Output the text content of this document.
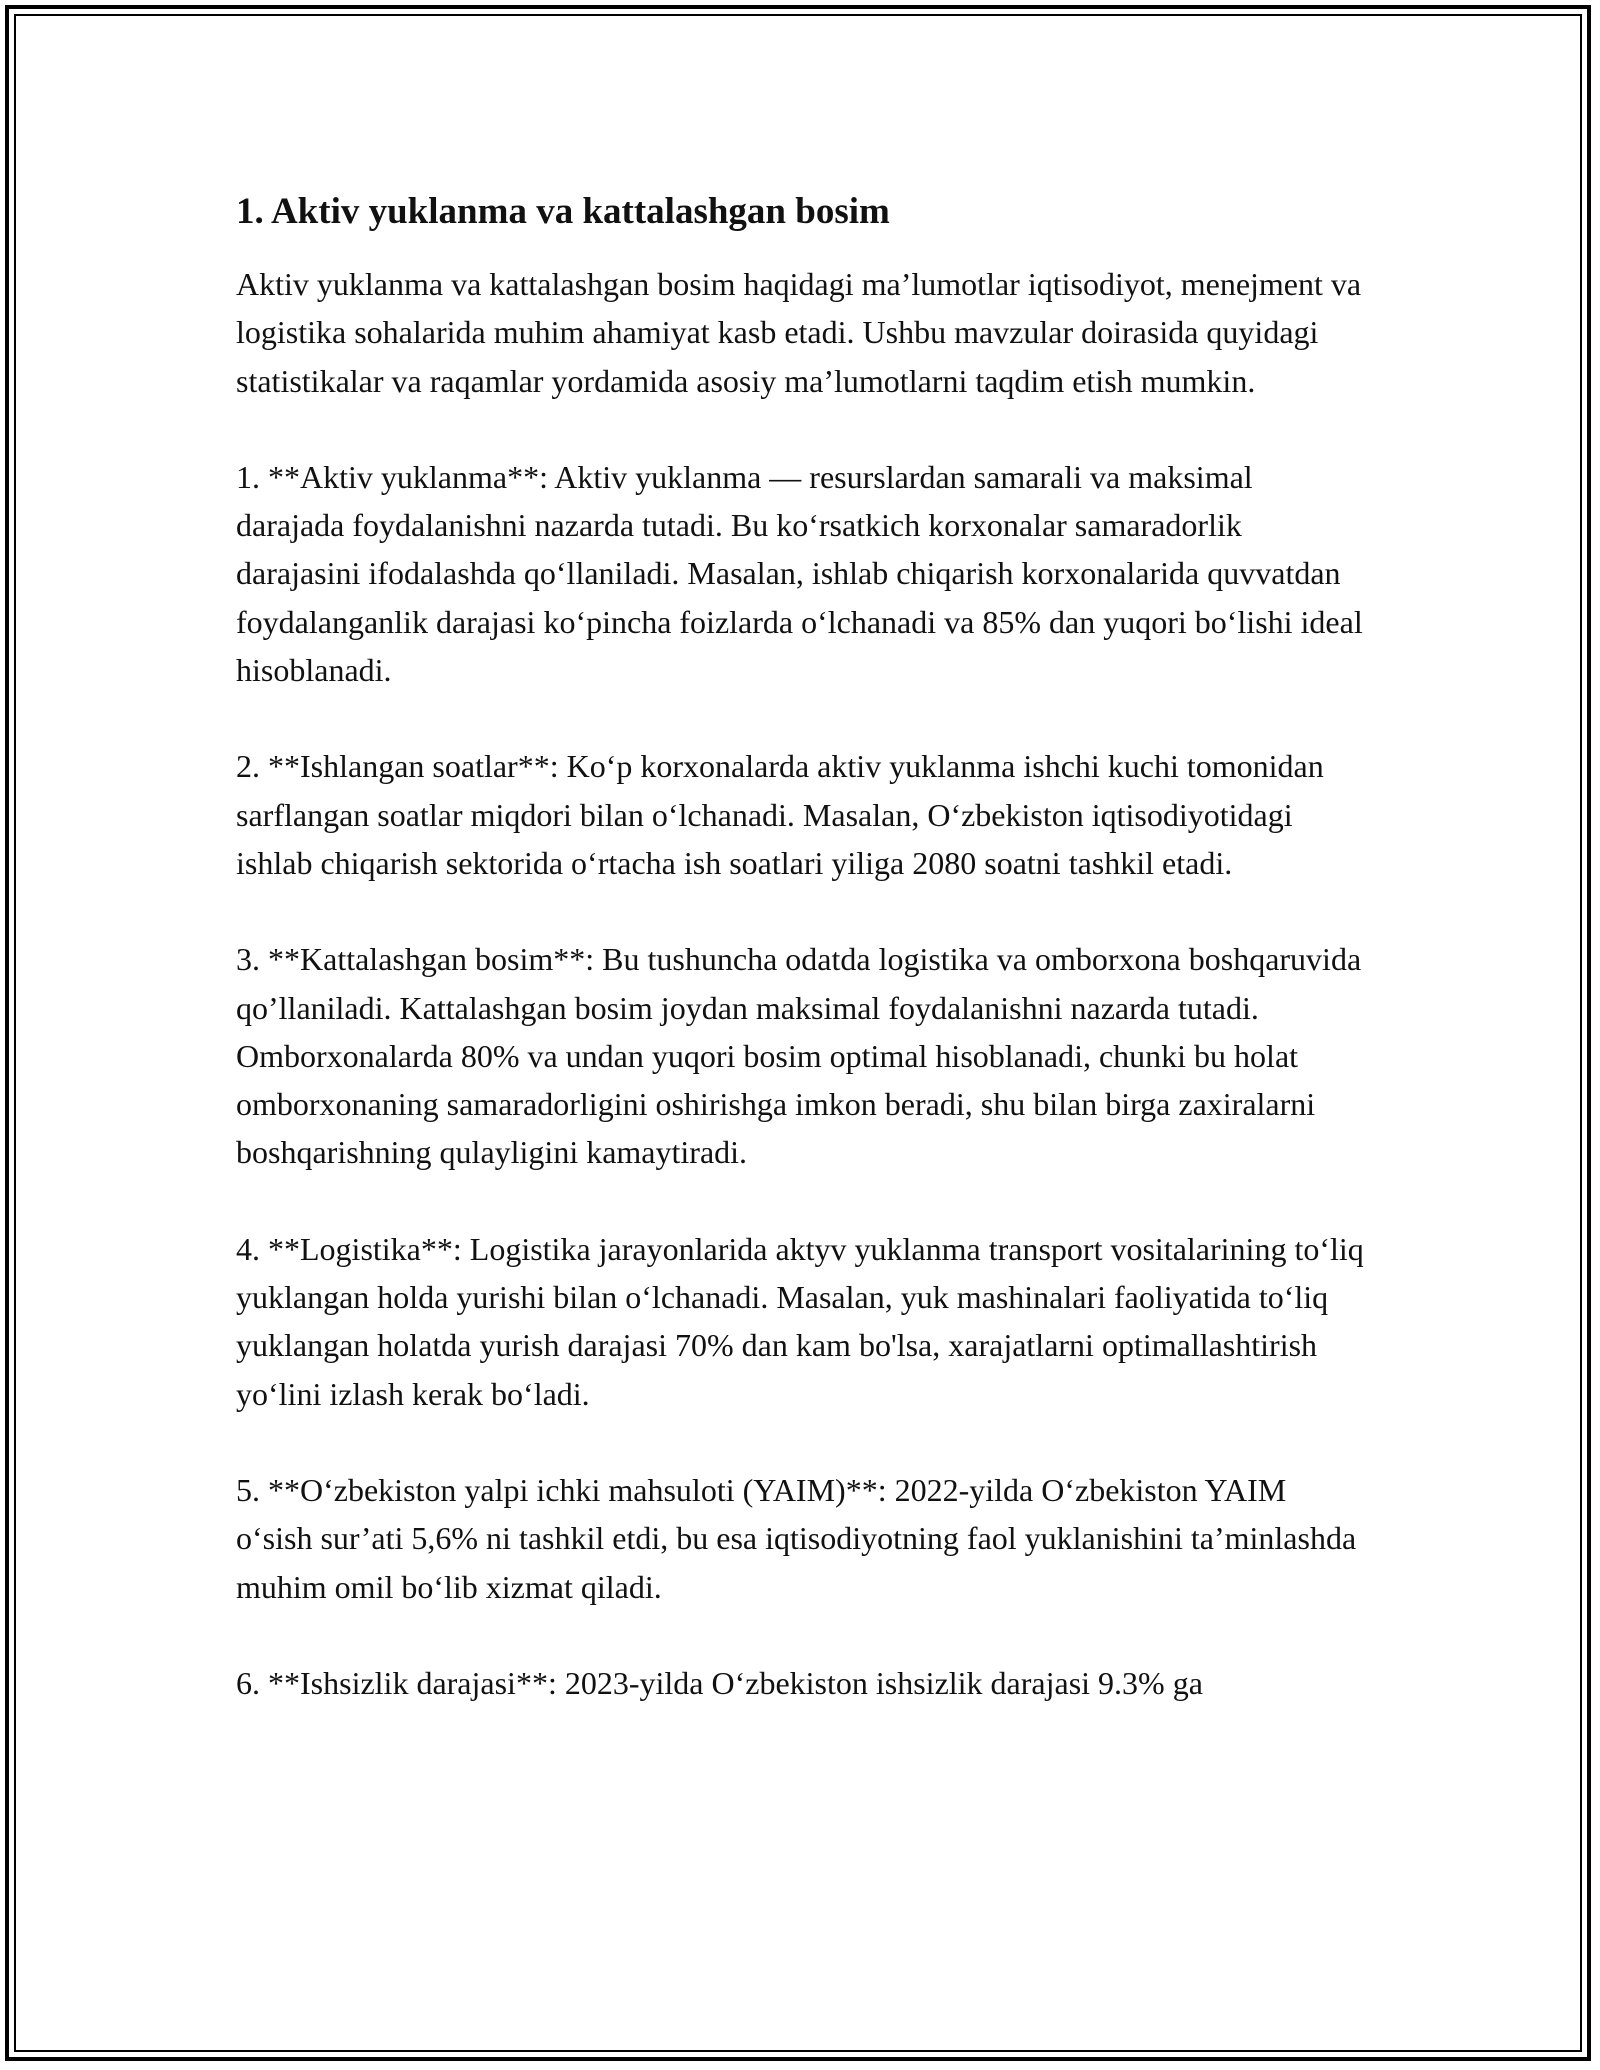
1. Aktiv yuklanma va kattalashgan bosim

Aktiv yuklanma va kattalashgan bosim haqidagi ma’lumotlar iqtisodiyot, menejment va logistika sohalarida muhim ahamiyat kasb etadi. Ushbu mavzular doirasida quyidagi statistikalar va raqamlar yordamida asosiy ma’lumotlarni taqdim etish mumkin.

1. **Aktiv yuklanma**: Aktiv yuklanma — resurslardan samarali va maksimal darajada foydalanishni nazarda tutadi. Bu koʻrsatkich korxonalar samaradorlik darajasini ifodalashda qoʻllaniladi. Masalan, ishlab chiqarish korxonalarida quvvatdan foydalanganlik darajasi koʻpincha foizlarda oʻlchanadi va 85% dan yuqori boʻlishi ideal hisoblanadi.

2. **Ishlangan soatlar**: Koʻp korxonalarda aktiv yuklanma ishchi kuchi tomonidan sarflangan soatlar miqdori bilan oʻlchanadi. Masalan, Oʻzbekiston iqtisodiyotidagi ishlab chiqarish sektorida oʻrtacha ish soatlari yiliga 2080 soatni tashkil etadi.

3. **Kattalashgan bosim**: Bu tushuncha odatda logistika va omborxona boshqaruvida qo’llaniladi. Kattalashgan bosim joydan maksimal foydalanishni nazarda tutadi. Omborxonalarda 80% va undan yuqori bosim optimal hisoblanadi, chunki bu holat omborxonaning samaradorligini oshirishga imkon beradi, shu bilan birga zaxiralarni boshqarishning qulayligini kamaytiradi.

4. **Logistika**: Logistika jarayonlarida aktyv yuklanma transport vositalarining toʻliq yuklangan holda yurishi bilan oʻlchanadi. Masalan, yuk mashinalari faoliyatida toʻliq yuklangan holatda yurish darajasi 70% dan kam bo'lsa, xarajatlarni optimallashtirish yoʻlini izlash kerak boʻladi.

5. **Oʻzbekiston yalpi ichki mahsuloti (YAIM)**: 2022-yilda Oʻzbekiston YAIM oʻsish sur’ati 5,6% ni tashkil etdi, bu esa iqtisodiyotning faol yuklanishini ta’minlashda muhim omil boʻlib xizmat qiladi.

6. **Ishsizlik darajasi**: 2023-yilda Oʻzbekiston ishsizlik darajasi 9.3% ga
